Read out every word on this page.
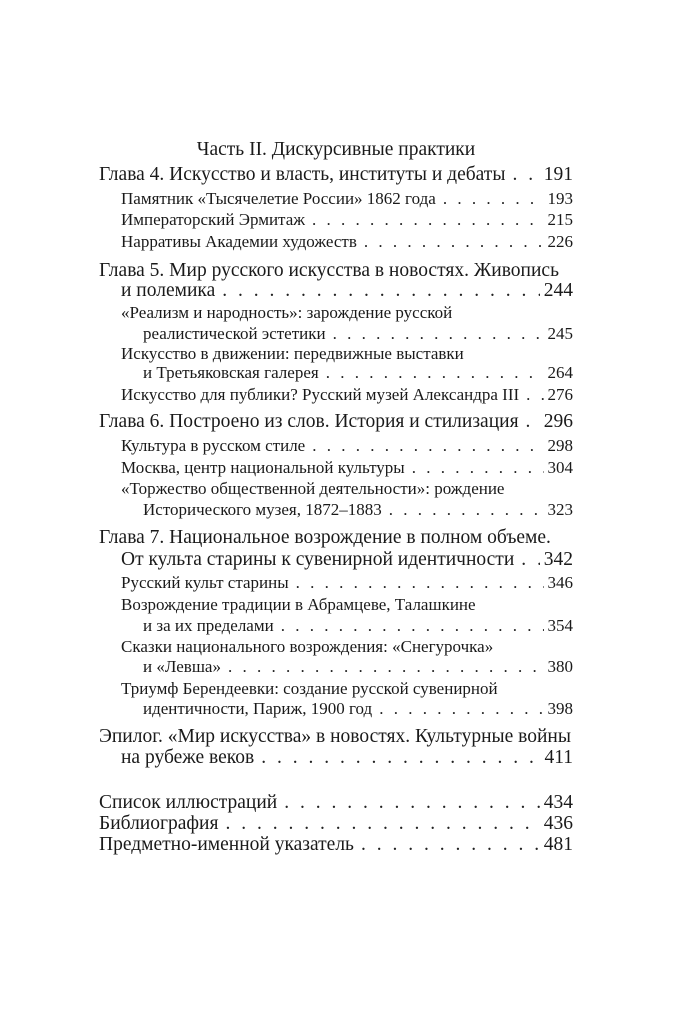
Часть II. Дискурсивные практики
Глава 4. Искусство и власть, институты и дебаты . . . 191
Памятник «Тысячелетие России» 1862 года . . .	193
Императорский Эрмитаж . . .	215
Нарративы Академии художеств . . .	226
Глава 5. Мир русского искусства в новостях. Живопись
и полемика . . .	244
«Реализм и народность»: зарождение русской
реалистической эстетики . . .	245
Искусство в движении: передвижные выставки
и Третьяковская галерея . . .	264
Искусство для публики? Русский музей Александра III . . . 276
Глава 6. Построено из слов. История и стилизация . . . 296
Культура в русском стиле . . .	298
Москва, центр национальной культуры . . .	304
«Торжество общественной деятельности»: рождение
Исторического музея, 1872–1883 . . .	323
Глава 7. Национальное возрождение в полном объеме.
От культа старины к сувенирной идентичности . . . 342
Русский культ старины . . .	346
Возрождение традиции в Абрамцеве, Талашкине
и за их пределами . . .	354
Сказки национального возрождения: «Снегурочка»
и «Левша» . . .	380
Триумф Берендеевки: создание русской сувенирной
идентичности, Париж, 1900 год . . .	398
Эпилог. «Мир искусства» в новостях. Культурные войны
на рубеже веков . . .	411
Список иллюстраций . . .	434
Библиография . . .	436
Предметно-именной указатель . . .	481
